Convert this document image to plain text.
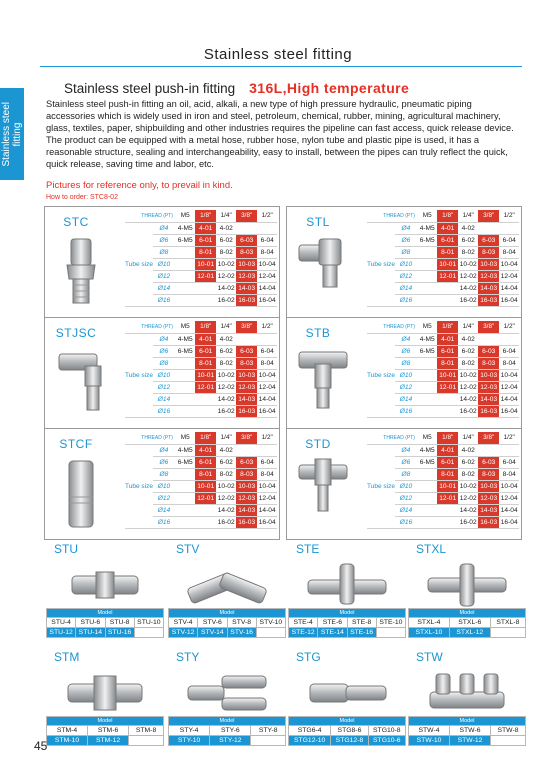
Stainless steel
fitting
Stainless steel fitting
Stainless steel push-in fitting 316L,High temperature
Stainless steel push-in fitting an oil, acid, alkali, a new type of high pressure hydraulic, pneumatic piping accessories which is widely used in iron and steel, petroleum, chemical, rubber, mining, agricultural machinery, glass, textiles, paper, shipbuilding and other industries requires the pipeline can fast access, quick release device. The product can be equipped with a metal hose, rubber hose, nylon tube and plastic pipe is used, it has a reasonable structure, sealing and interchangeability, easy to install, between the pipes can truly reflect the quick, quick release, saving time and labor, etc.
Pictures for reference only, to prevail in kind.
How to order: STC8-02
STC	THREAD (PT)		M5	1/8"	1/4"	3/8"	1/2"
Tube size	Ø4	4-M5	4-01	4-02		
	Ø6	6-M5	6-01	6-02	6-03	6-04
	Ø8		8-01	8-02	8-03	8-04
	Ø10		10-01	10-02	10-03	10-04
	Ø12		12-01	12-02	12-03	12-04
	Ø14			14-02	14-03	14-04
	Ø16			16-02	16-03	16-04
STL	THREAD (PT)		M5	1/8"	1/4"	3/8"	1/2"
Tube size	Ø4	4-M5	4-01	4-02		
	Ø6	6-M5	6-01	6-02	6-03	6-04
	Ø8		8-01	8-02	8-03	8-04
	Ø10		10-01	10-02	10-03	10-04
	Ø12		12-01	12-02	12-03	12-04
	Ø14			14-02	14-03	14-04
	Ø16			16-02	16-03	16-04
STJSC	THREAD (PT)		M5	1/8"	1/4"	3/8"	1/2"
Tube size	Ø4	4-M5	4-01	4-02		
	Ø6	6-M5	6-01	6-02	6-03	6-04
	Ø8		8-01	8-02	8-03	8-04
	Ø10		10-01	10-02	10-03	10-04
	Ø12		12-01	12-02	12-03	12-04
	Ø14			14-02	14-03	14-04
	Ø16			16-02	16-03	16-04
STB	THREAD (PT)		M5	1/8"	1/4"	3/8"	1/2"
Tube size	Ø4	4-M5	4-01	4-02		
	Ø6	6-M5	6-01	6-02	6-03	6-04
	Ø8		8-01	8-02	8-03	8-04
	Ø10		10-01	10-02	10-03	10-04
	Ø12		12-01	12-02	12-03	12-04
	Ø14			14-02	14-03	14-04
	Ø16			16-02	16-03	16-04
STCF	THREAD (PT)		M5	1/8"	1/4"	3/8"	1/2"
Tube size	Ø4	4-M5	4-01	4-02		
	Ø6	6-M5	6-01	6-02	6-03	6-04
	Ø8		8-01	8-02	8-03	8-04
	Ø10		10-01	10-02	10-03	10-04
	Ø12		12-01	12-02	12-03	12-04
	Ø14			14-02	14-03	14-04
	Ø16			16-02	16-03	16-04
STD	THREAD (PT)		M5	1/8"	1/4"	3/8"	1/2"
Tube size	Ø4	4-M5	4-01	4-02		
	Ø6	6-M5	6-01	6-02	6-03	6-04
	Ø8		8-01	8-02	8-03	8-04
	Ø10		10-01	10-02	10-03	10-04
	Ø12		12-01	12-02	12-03	12-04
	Ø14			14-02	14-03	14-04
	Ø16			16-02	16-03	16-04
STU
Model			
STU-4	STU-6	STU-8	STU-10
STU-12	STU-14	STU-16	
STV
Model			
STV-4	STV-6	STV-8	STV-10
STV-12	STV-14	STV-16	
STE
Model			
STE-4	STE-6	STE-8	STE-10
STE-12	STE-14	STE-16	
STXL
Model		
STXL-4	STXL-6	STXL-8
STXL-10	STXL-12	
STM
Model		
STM-4	STM-6	STM-8
STM-10	STM-12	
STY
Model		
STY-4	STY-6	STY-8
STY-10	STY-12	
STG
Model		
STG6-4	STG8-6	STG10-8
STG12-10	STG12-8	STG10-6
STW
Model		
STW-4	STW-6	STW-8
STW-10	STW-12	
45
